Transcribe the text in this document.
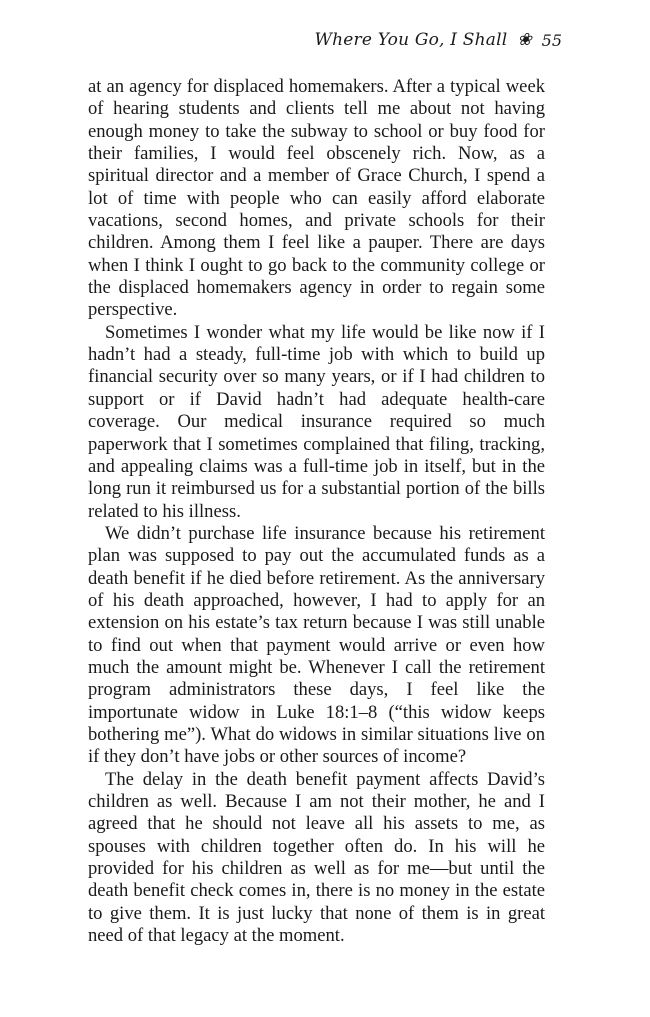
Where You Go, I Shall ❀ 55

at an agency for displaced homemakers. After a typical week of hearing students and clients tell me about not having enough money to take the subway to school or buy food for their families, I would feel obscenely rich. Now, as a spiritual director and a member of Grace Church, I spend a lot of time with people who can easily afford elaborate vacations, second homes, and private schools for their children. Among them I feel like a pauper. There are days when I think I ought to go back to the community college or the displaced homemakers agency in order to regain some perspective.

Sometimes I wonder what my life would be like now if I hadn’t had a steady, full-time job with which to build up financial security over so many years, or if I had children to support or if David hadn’t had adequate health-care coverage. Our medical insurance required so much paperwork that I sometimes complained that filing, tracking, and appealing claims was a full-time job in itself, but in the long run it reimbursed us for a substantial portion of the bills related to his illness.

We didn’t purchase life insurance because his retirement plan was supposed to pay out the accumulated funds as a death benefit if he died before retirement. As the anniversary of his death approached, however, I had to apply for an extension on his estate’s tax return because I was still unable to find out when that payment would arrive or even how much the amount might be. Whenever I call the retirement program administrators these days, I feel like the importunate widow in Luke 18:1–8 (“this widow keeps bothering me”). What do widows in similar situations live on if they don’t have jobs or other sources of income?

The delay in the death benefit payment affects David’s children as well. Because I am not their mother, he and I agreed that he should not leave all his assets to me, as spouses with children together often do. In his will he provided for his children as well as for me—but until the death benefit check comes in, there is no money in the estate to give them. It is just lucky that none of them is in great need of that legacy at the moment.
